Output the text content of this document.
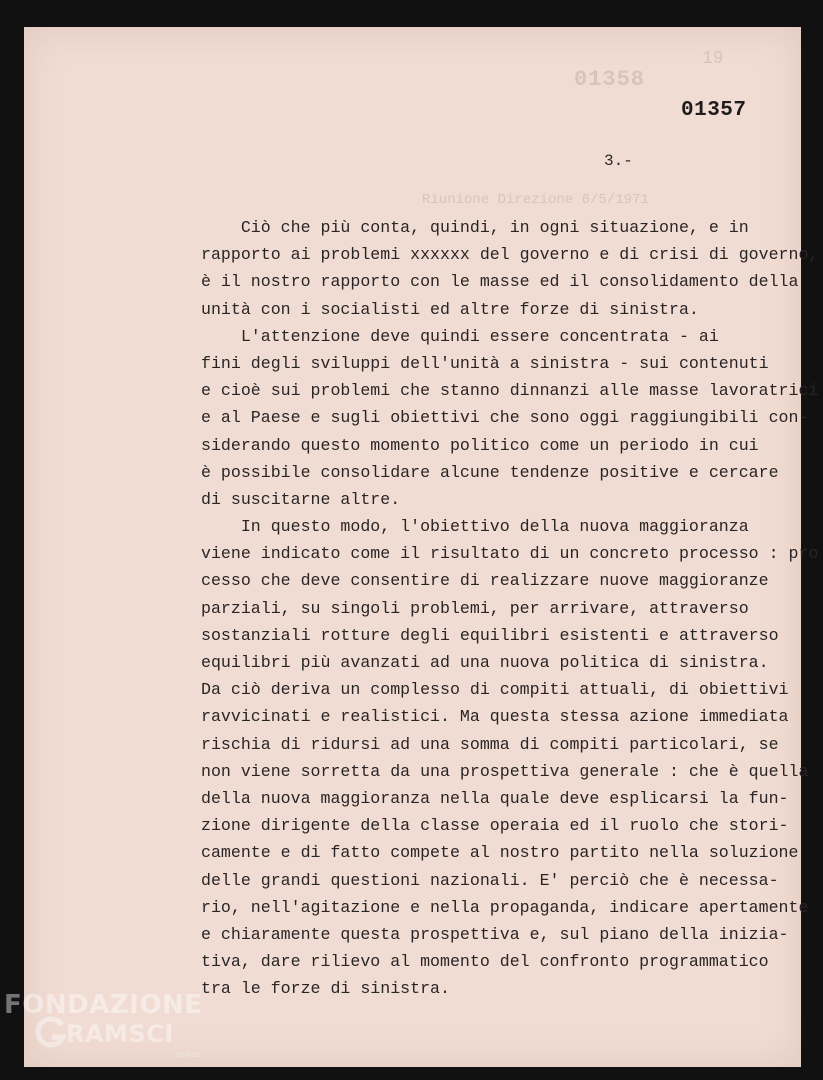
01358
19
Riunione Direzione 6/5/1971
01357
3.-
Ciò che più conta, quindi, in ogni situazione, e in
rapporto ai problemi xxxxxx del governo e di crisi di governo,
è il nostro rapporto con le masse ed il consolidamento della
unità con i socialisti ed altre forze di sinistra.
L'attenzione deve quindi essere concentrata - ai
fini degli sviluppi dell'unità a sinistra - sui contenuti
e cioè sui problemi che stanno dinnanzi alle masse lavoratrici
e al Paese e sugli obiettivi che sono oggi raggiungibili con-
siderando questo momento politico come un periodo in cui
è possibile consolidare alcune tendenze positive e cercare
di suscitarne altre.
In questo modo, l'obiettivo della nuova maggioranza
viene indicato come il risultato di un concreto processo : pro
cesso che deve consentire di realizzare nuove maggioranze
parziali, su singoli problemi, per arrivare, attraverso
sostanziali rotture degli equilibri esistenti e attraverso
equilibri più avanzati ad una nuova politica di sinistra.
Da ciò deriva un complesso di compiti attuali, di obiettivi
ravvicinati e realistici. Ma questa stessa azione immediata
rischia di ridursi ad una somma di compiti particolari, se
non viene sorretta da una prospettiva generale : che è quella
della nuova maggioranza nella quale deve esplicarsi la fun-
zione dirigente della classe operaia ed il ruolo che stori-
camente e di fatto compete al nostro partito nella soluzione
delle grandi questioni nazionali. E' perciò che è necessa-
rio, nell'agitazione e nella propaganda, indicare apertamente
e chiaramente questa prospettiva e, sul piano della inizia-
tiva, dare rilievo al momento del confronto programmatico
tra le forze di sinistra.
FONDAZIONE
RAMSCI
onlus
